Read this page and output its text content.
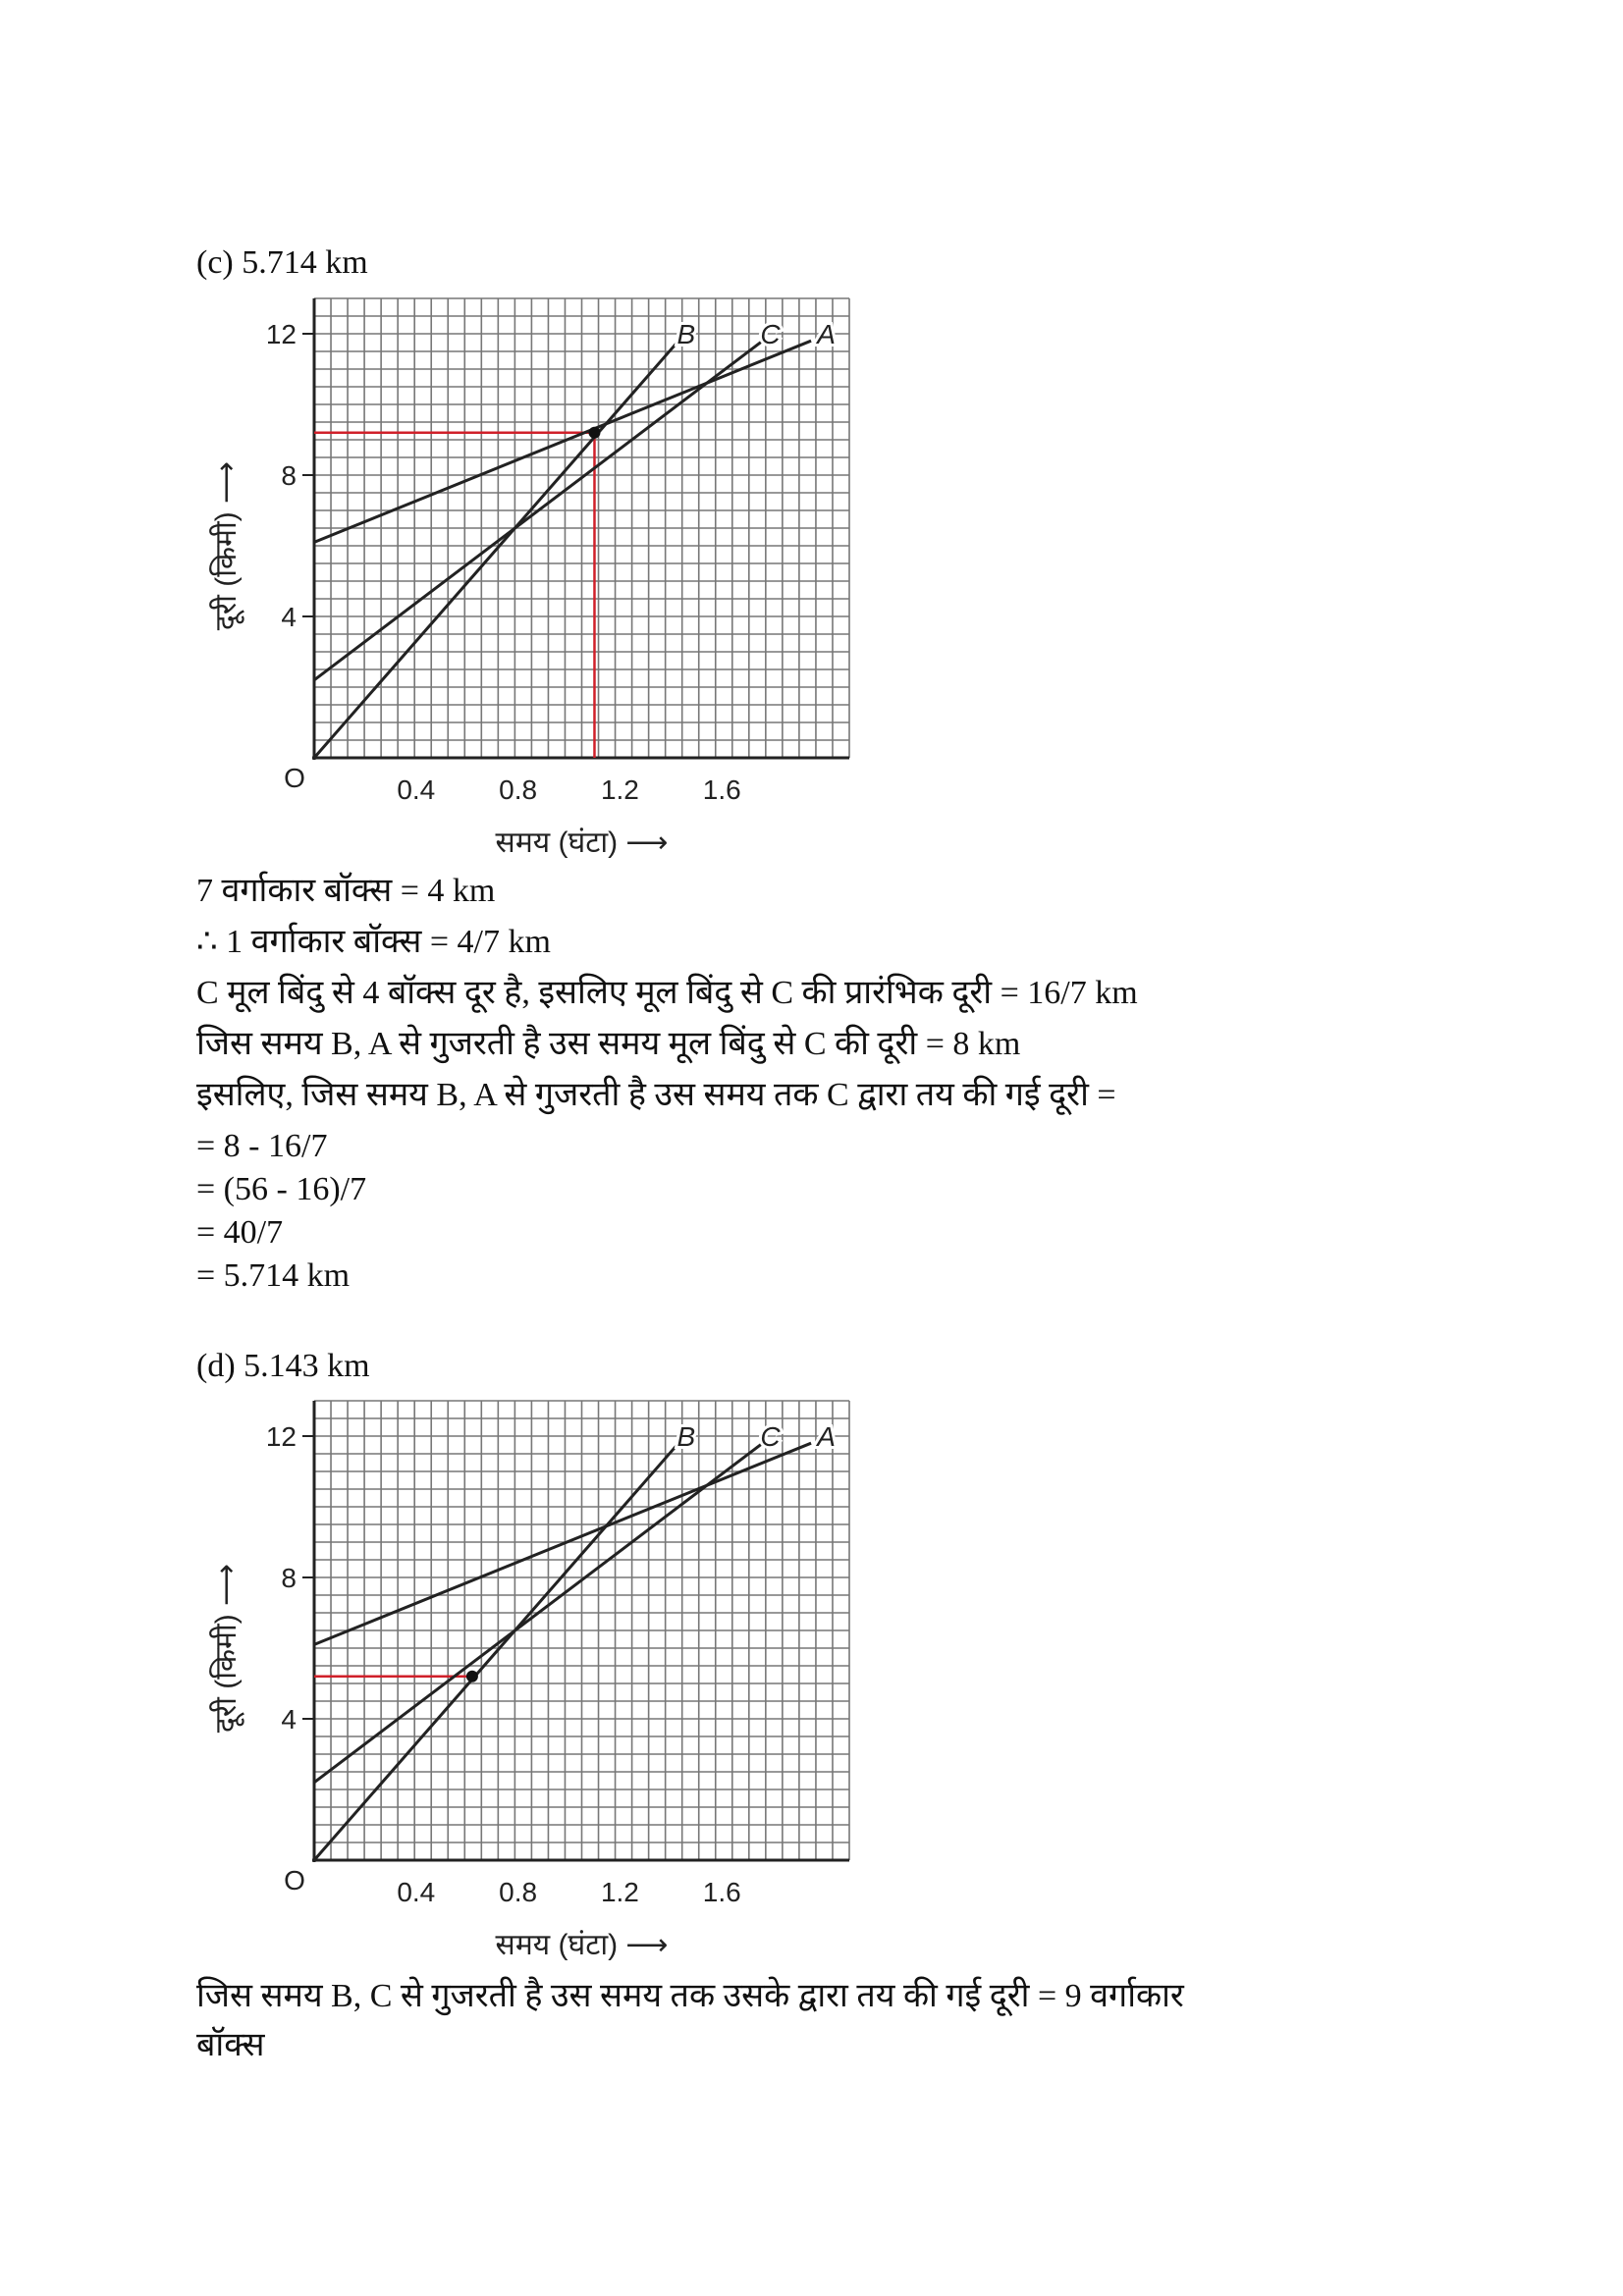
(c) 5.714 km
0.4 0.8 1.2 1.6
4
8
12
O
समय (घंटा) ⟶
दूरी (किमी) ⟶
B C A
7 वर्गाकार बॉक्स = 4 km
∴ 1 वर्गाकार बॉक्स = 4/7 km
C मूल बिंदु से 4 बॉक्स दूर है, इसलिए मूल बिंदु से C की प्रारंभिक दूरी = 16/7 km
जिस समय B, A से गुजरती है उस समय मूल बिंदु से C की दूरी = 8 km
इसलिए, जिस समय B, A से गुजरती है उस समय तक C द्वारा तय की गई दूरी =
= 8 - 16/7
= (56 - 16)/7
= 40/7
= 5.714 km
(d) 5.143 km
0.4 0.8 1.2 1.6
4
8
12
O
समय (घंटा) ⟶
दूरी (किमी) ⟶
B C A
जिस समय B, C से गुजरती है उस समय तक उसके द्वारा तय की गई दूरी = 9 वर्गाकार
बॉक्स
